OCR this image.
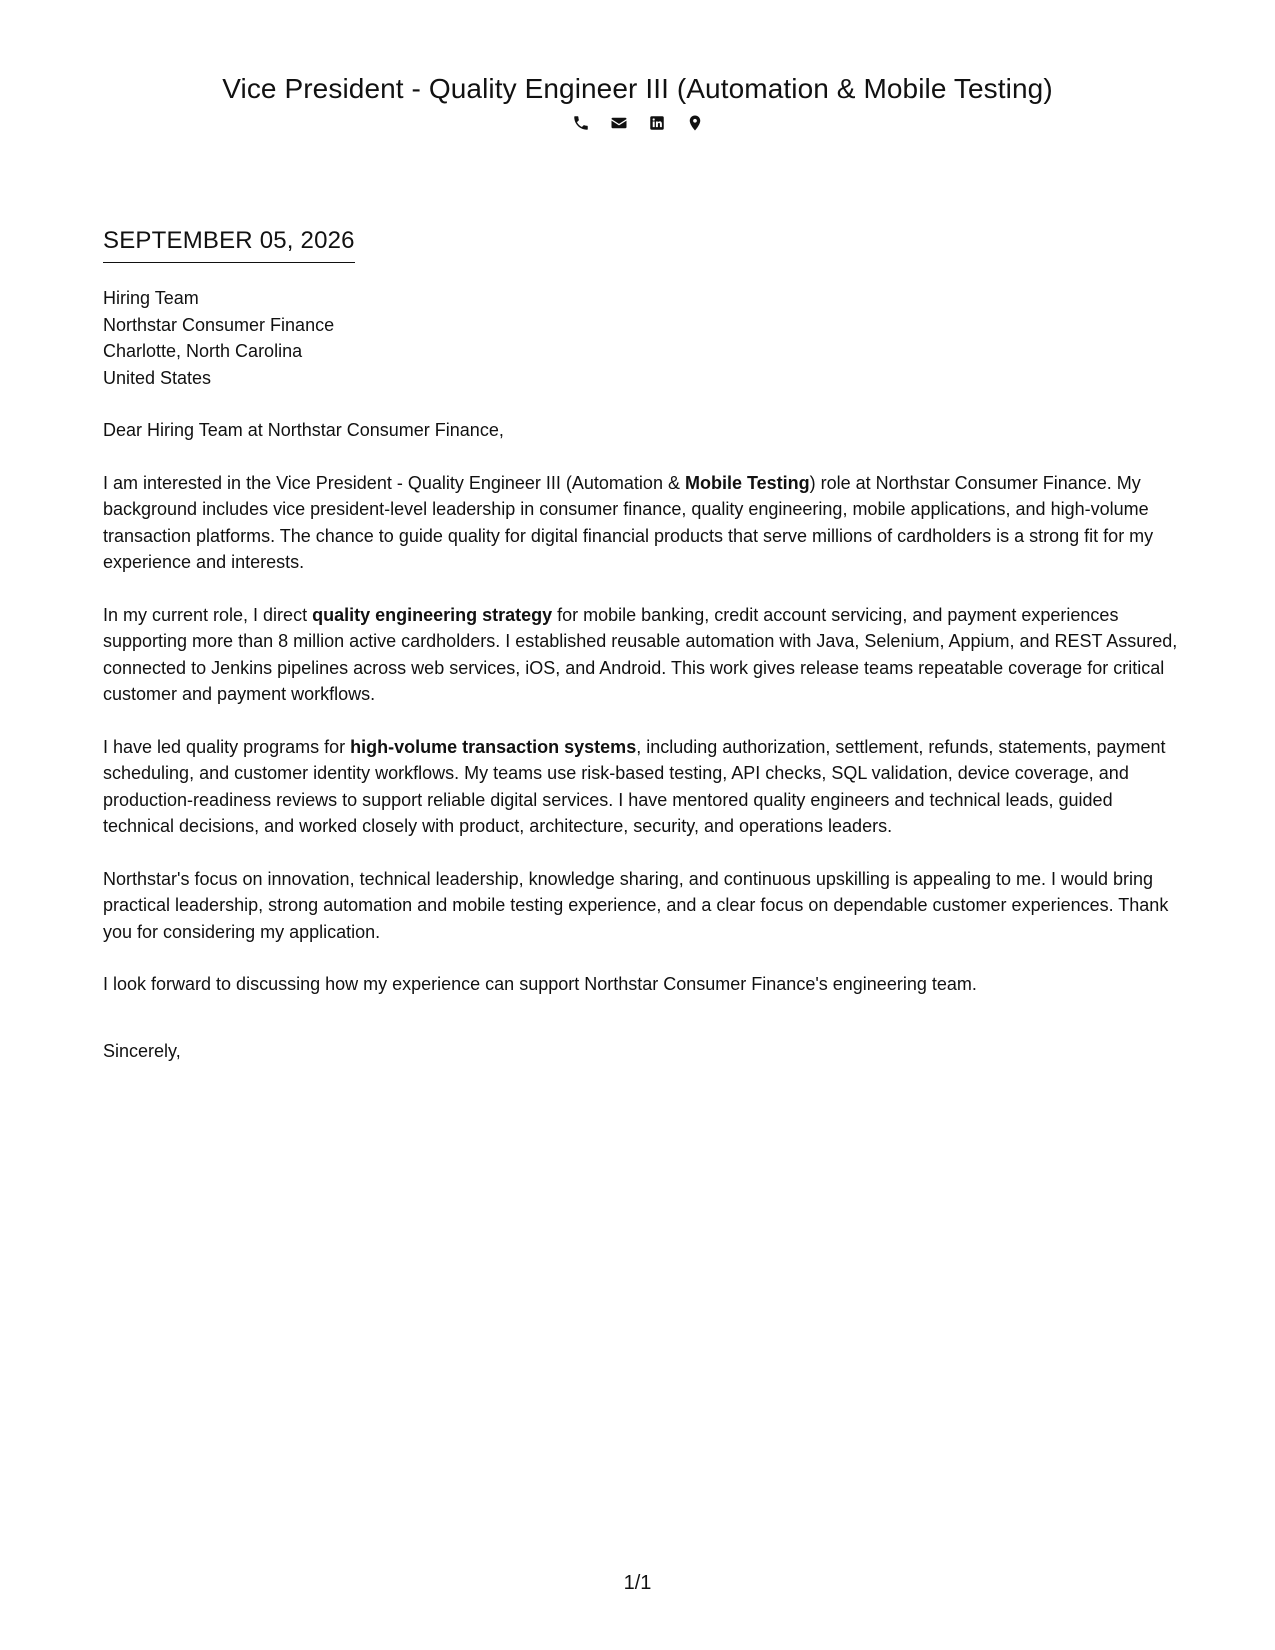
Vice President - Quality Engineer III (Automation & Mobile Testing)
SEPTEMBER 05, 2026
Hiring Team
Northstar Consumer Finance
Charlotte, North Carolina
United States
Dear Hiring Team at Northstar Consumer Finance,
I am interested in the Vice President - Quality Engineer III (Automation & Mobile Testing) role at Northstar Consumer Finance. My background includes vice president-level leadership in consumer finance, quality engineering, mobile applications, and high-volume transaction platforms. The chance to guide quality for digital financial products that serve millions of cardholders is a strong fit for my experience and interests.
In my current role, I direct quality engineering strategy for mobile banking, credit account servicing, and payment experiences supporting more than 8 million active cardholders. I established reusable automation with Java, Selenium, Appium, and REST Assured, connected to Jenkins pipelines across web services, iOS, and Android. This work gives release teams repeatable coverage for critical customer and payment workflows.
I have led quality programs for high-volume transaction systems, including authorization, settlement, refunds, statements, payment scheduling, and customer identity workflows. My teams use risk-based testing, API checks, SQL validation, device coverage, and production-readiness reviews to support reliable digital services. I have mentored quality engineers and technical leads, guided technical decisions, and worked closely with product, architecture, security, and operations leaders.
Northstar's focus on innovation, technical leadership, knowledge sharing, and continuous upskilling is appealing to me. I would bring practical leadership, strong automation and mobile testing experience, and a clear focus on dependable customer experiences. Thank you for considering my application.
I look forward to discussing how my experience can support Northstar Consumer Finance's engineering team.
Sincerely,
1/1
